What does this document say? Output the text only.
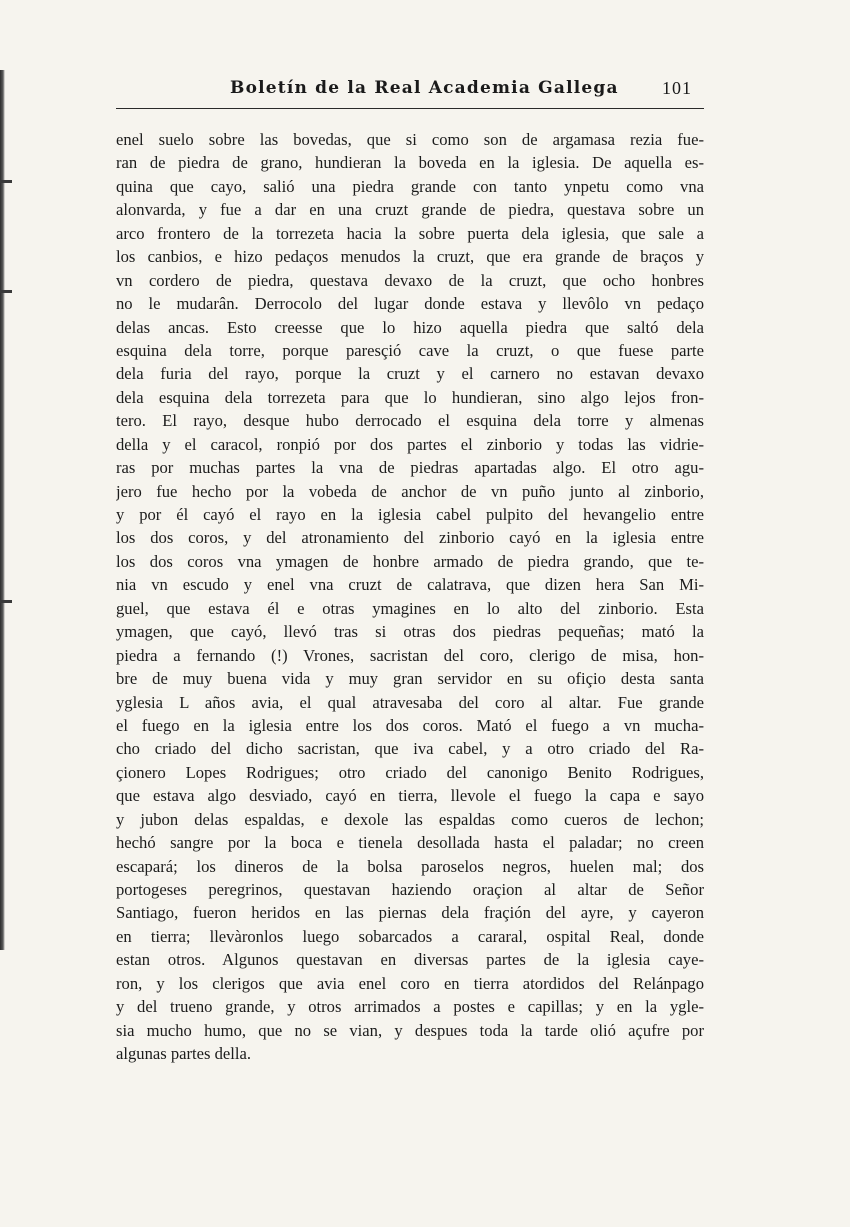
Boletín de la Real Academia Gallega 101
enel suelo sobre las bovedas, que si como son de argamasa rezia fue-
ran de piedra de grano, hundieran la boveda en la iglesia. De aquella es-
quina que cayo, salió una piedra grande con tanto ynpetu como vna
alonvarda, y fue a dar en una cruzt grande de piedra, questava sobre un
arco frontero de la torrezeta hacia la sobre puerta dela iglesia, que sale a
los canbios, e hizo pedaços menudos la cruzt, que era grande de braços y
vn cordero de piedra, questava devaxo de la cruzt, que ocho honbres
no le mudarân. Derrocolo del lugar donde estava y llevôlo vn pedaço
delas ancas. Esto creesse que lo hizo aquella piedra que saltó dela
esquina dela torre, porque paresçió cave la cruzt, o que fuese parte
dela furia del rayo, porque la cruzt y el carnero no estavan devaxo
dela esquina dela torrezeta para que lo hundieran, sino algo lejos fron-
tero. El rayo, desque hubo derrocado el esquina dela torre y almenas
della y el caracol, ronpió por dos partes el zinborio y todas las vidrie-
ras por muchas partes la vna de piedras apartadas algo. El otro agu-
jero fue hecho por la vobeda de anchor de vn puño junto al zinborio,
y por él cayó el rayo en la iglesia cabel pulpito del hevangelio entre
los dos coros, y del atronamiento del zinborio cayó en la iglesia entre
los dos coros vna ymagen de honbre armado de piedra grando, que te-
nia vn escudo y enel vna cruzt de calatrava, que dizen hera San Mi-
guel, que estava él e otras ymagines en lo alto del zinborio. Esta
ymagen, que cayó, llevó tras si otras dos piedras pequeñas; mató la
piedra a fernando (!) Vrones, sacristan del coro, clerigo de misa, hon-
bre de muy buena vida y muy gran servidor en su ofiçio desta santa
yglesia L años avia, el qual atravesaba del coro al altar. Fue grande
el fuego en la iglesia entre los dos coros. Mató el fuego a vn mucha-
cho criado del dicho sacristan, que iva cabel, y a otro criado del Ra-
çionero Lopes Rodrigues; otro criado del canonigo Benito Rodrigues,
que estava algo desviado, cayó en tierra, llevole el fuego la capa e sayo
y jubon delas espaldas, e dexole las espaldas como cueros de lechon;
hechó sangre por la boca e tienela desollada hasta el paladar; no creen
escapará; los dineros de la bolsa paroselos negros, huelen mal; dos
portogeses peregrinos, questavan haziendo oraçion al altar de Señor
Santiago, fueron heridos en las piernas dela fraçión del ayre, y cayeron
en tierra; llevàronlos luego sobarcados a cararal, ospital Real, donde
estan otros. Algunos questavan en diversas partes de la iglesia caye-
ron, y los clerigos que avia enel coro en tierra atordidos del Relánpago
y del trueno grande, y otros arrimados a postes e capillas; y en la ygle-
sia mucho humo, que no se vian, y despues toda la tarde olió açufre por
algunas partes della.
